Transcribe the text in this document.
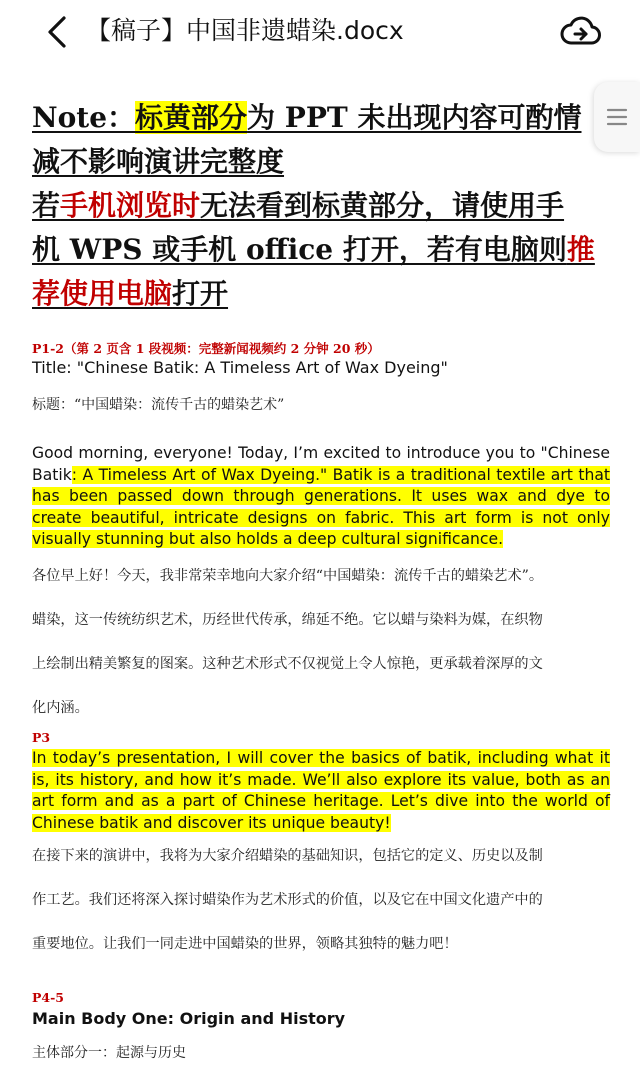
【稿子】中国非遗蜡染.docx

Note：标黄部分为 PPT 未出现内容可酌情

减不影响演讲完整度

若手机浏览时无法看到标黄部分，请使用手

机 WPS 或手机 office 打开，若有电脑则推

荐使用电脑打开

P1-2（第 2 页含 1 段视频：完整新闻视频约 2 分钟 20 秒）
Title: "Chinese Batik: A Timeless Art of Wax Dyeing"
标题：“中国蜡染：流传千古的蜡染艺术”
Good morning, everyone! Today, I’m excited to introduce you to "Chinese Batik: A Timeless Art of Wax Dyeing." Batik is a traditional textile art that has been passed down through generations. It uses wax and dye to create beautiful, intricate designs on fabric. This art form is not only visually stunning but also holds a deep cultural significance.
各位早上好！今天，我非常荣幸地向大家介绍“中国蜡染：流传千古的蜡染艺术”。
蜡染，这一传统纺织艺术，历经世代传承，绵延不绝。它以蜡与染料为媒，在织物
上绘制出精美繁复的图案。这种艺术形式不仅视觉上令人惊艳，更承载着深厚的文
化内涵。
P3
In today’s presentation, I will cover the basics of batik, including what it is, its history, and how it’s made. We’ll also explore its value, both as an art form and as a part of Chinese heritage. Let’s dive into the world of Chinese batik and discover its unique beauty!
在接下来的演讲中，我将为大家介绍蜡染的基础知识，包括它的定义、历史以及制
作工艺。我们还将深入探讨蜡染作为艺术形式的价值，以及它在中国文化遗产中的
重要地位。让我们一同走进中国蜡染的世界，领略其独特的魅力吧！
P4-5
Main Body One: Origin and History
主体部分一：起源与历史
